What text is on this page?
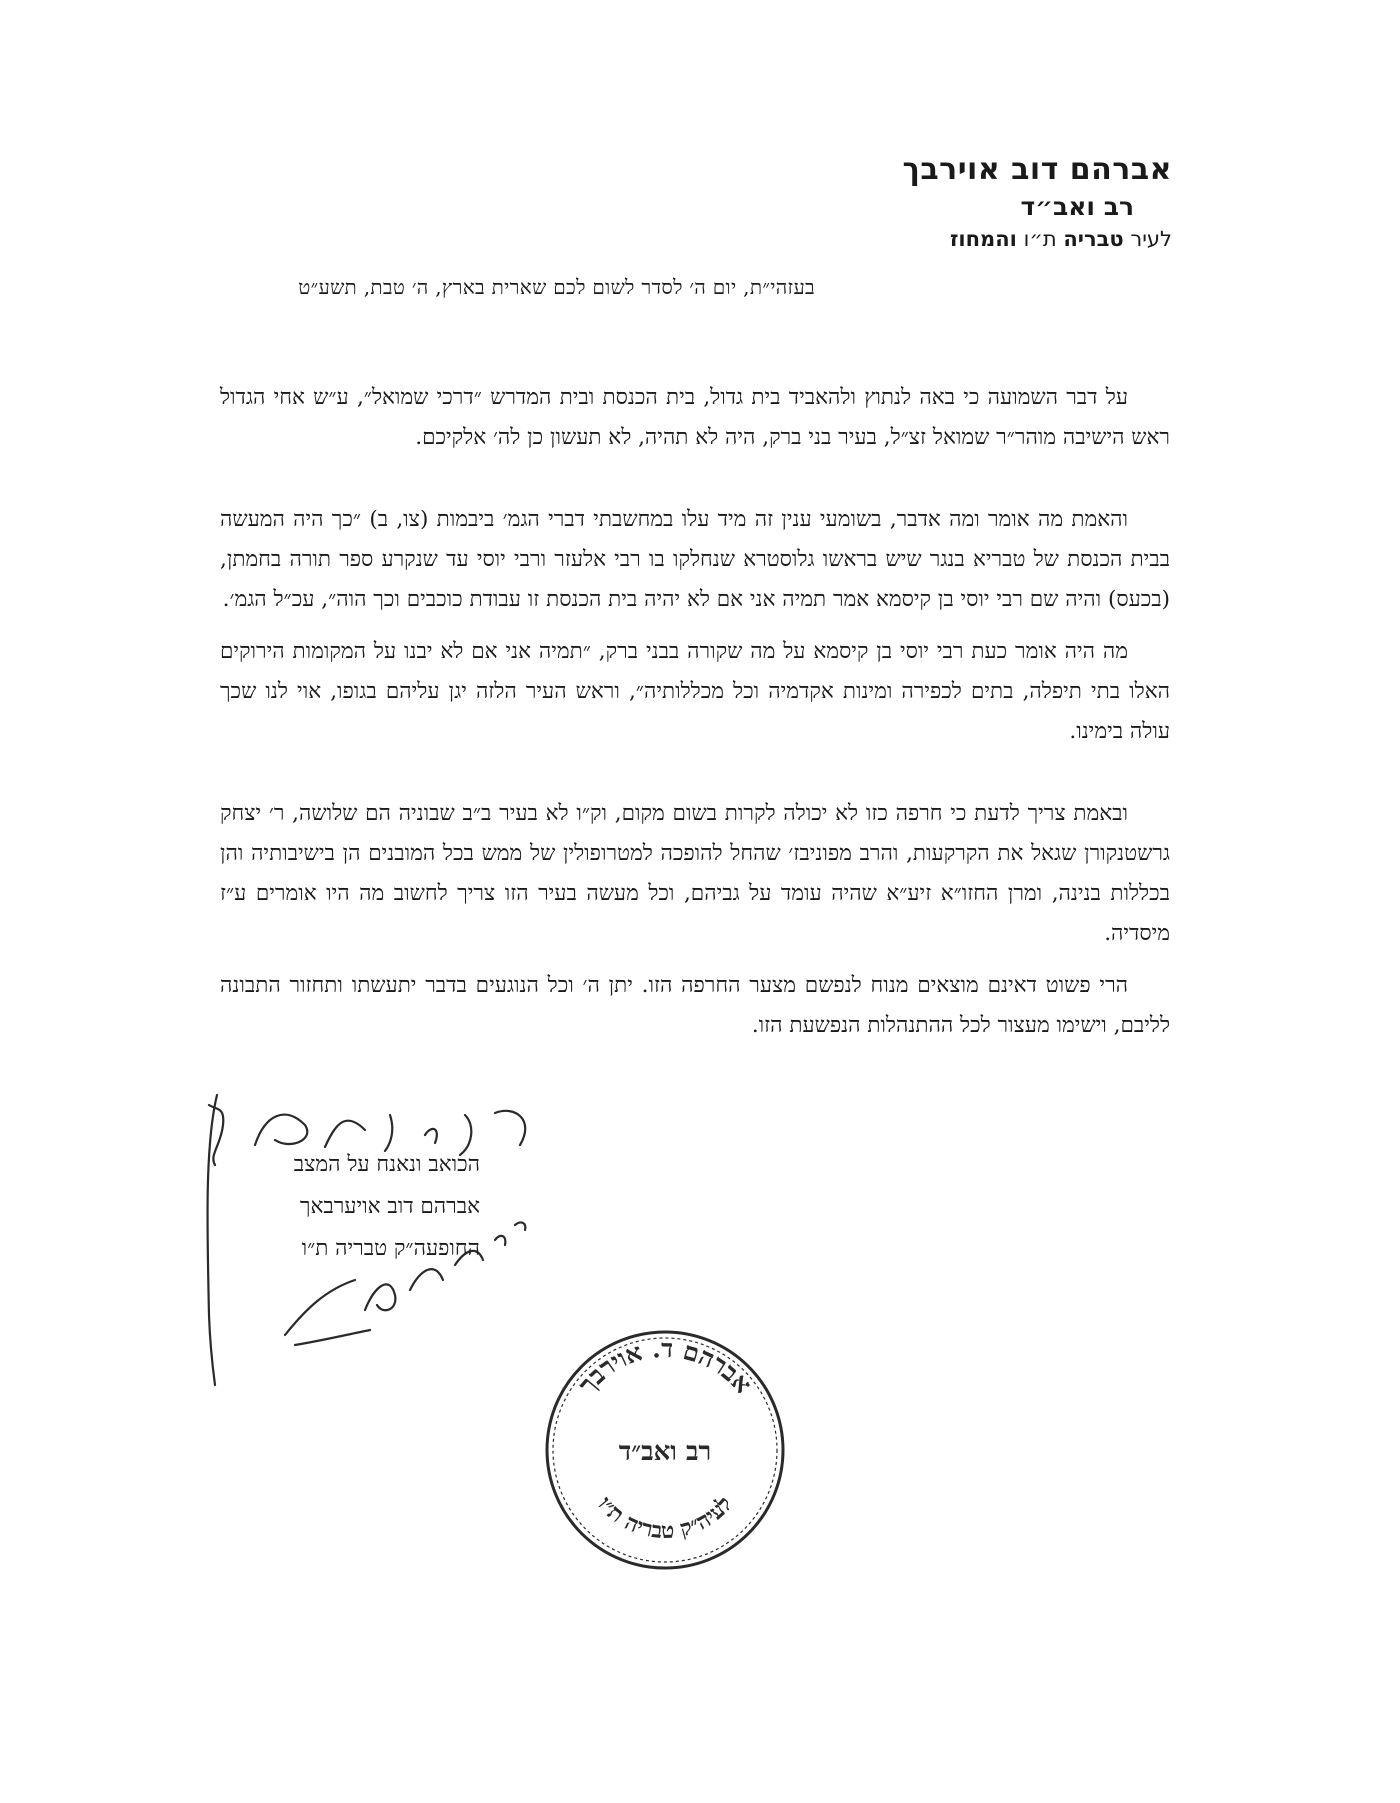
אברהם דוב אוירבך

רב ואב״ד

לעיר טבריה ת״ו והמחוז

בעזהי״ת, יום ה׳ לסדר לשום לכם שארית בארץ, ה׳ טבת, תשע״ט

על דבר השמועה כי באה לנתוץ ולהאביד בית גדול, בית הכנסת ובית המדרש ״דרכי שמואל״, ע״ש אחי הגדול ראש הישיבה מוהר״ר שמואל זצ״ל, בעיר בני ברק, היה לא תהיה, לא תעשון כן לה׳ אלקיכם.

והאמת מה אומר ומה אדבר, בשומעי ענין זה מיד עלו במחשבתי דברי הגמ׳ ביבמות (צו, ב) ״כך היה המעשה בבית הכנסת של טבריא בנגר שיש בראשו גלוסטרא שנחלקו בו רבי אלעזר ורבי יוסי עד שנקרע ספר תורה בחמתן,(בכעס) והיה שם רבי יוסי בן קיסמא אמר תמיה אני אם לא יהיה בית הכנסת זו עבודת כוכבים וכך הוה״, עכ״ל הגמ׳.

מה היה אומר כעת רבי יוסי בן קיסמא על מה שקורה בבני ברק, ״תמיה אני אם לא יבנו על המקומות הירוקים האלו בתי תיפלה, בתים לכפירה ומינות אקדמיה וכל מכללותיה״, וראש העיר הלזה יגן עליהם בגופו, אוי לנו שכך עולה בימינו.

ובאמת צריך לדעת כי חרפה כזו לא יכולה לקרות בשום מקום, וק״ו לא בעיר ב״ב שבוניה הם שלושה, ר׳ יצחק גרשטנקורן שגאל את הקרקעות, והרב מפוניבז׳ שהחל להופכה למטרופולין של ממש בכל המובנים הן בישיבותיה והן בכללות בנינה, ומרן החזו״א זיע״א שהיה עומד על גביהם, וכל מעשה בעיר הזו צריך לחשוב מה היו אומרים ע״ז מיסדיה.

הרי פשוט דאינם מוצאים מנוח לנפשם מצער החרפה הזו. יתן ה׳ וכל הנוגעים בדבר יתעשתו ותחזור התבונה לליבם, וישימו מעצור לכל ההתנהלות הנפשעת הזו.

הכואב ונאנח על המצב
אברהם דוב אויערבאך
החופעה״ק טבריה ת״ו
אברהם ד. אוירבך
רב ואב״ד
לעיה״ק טבריה ת״ו
